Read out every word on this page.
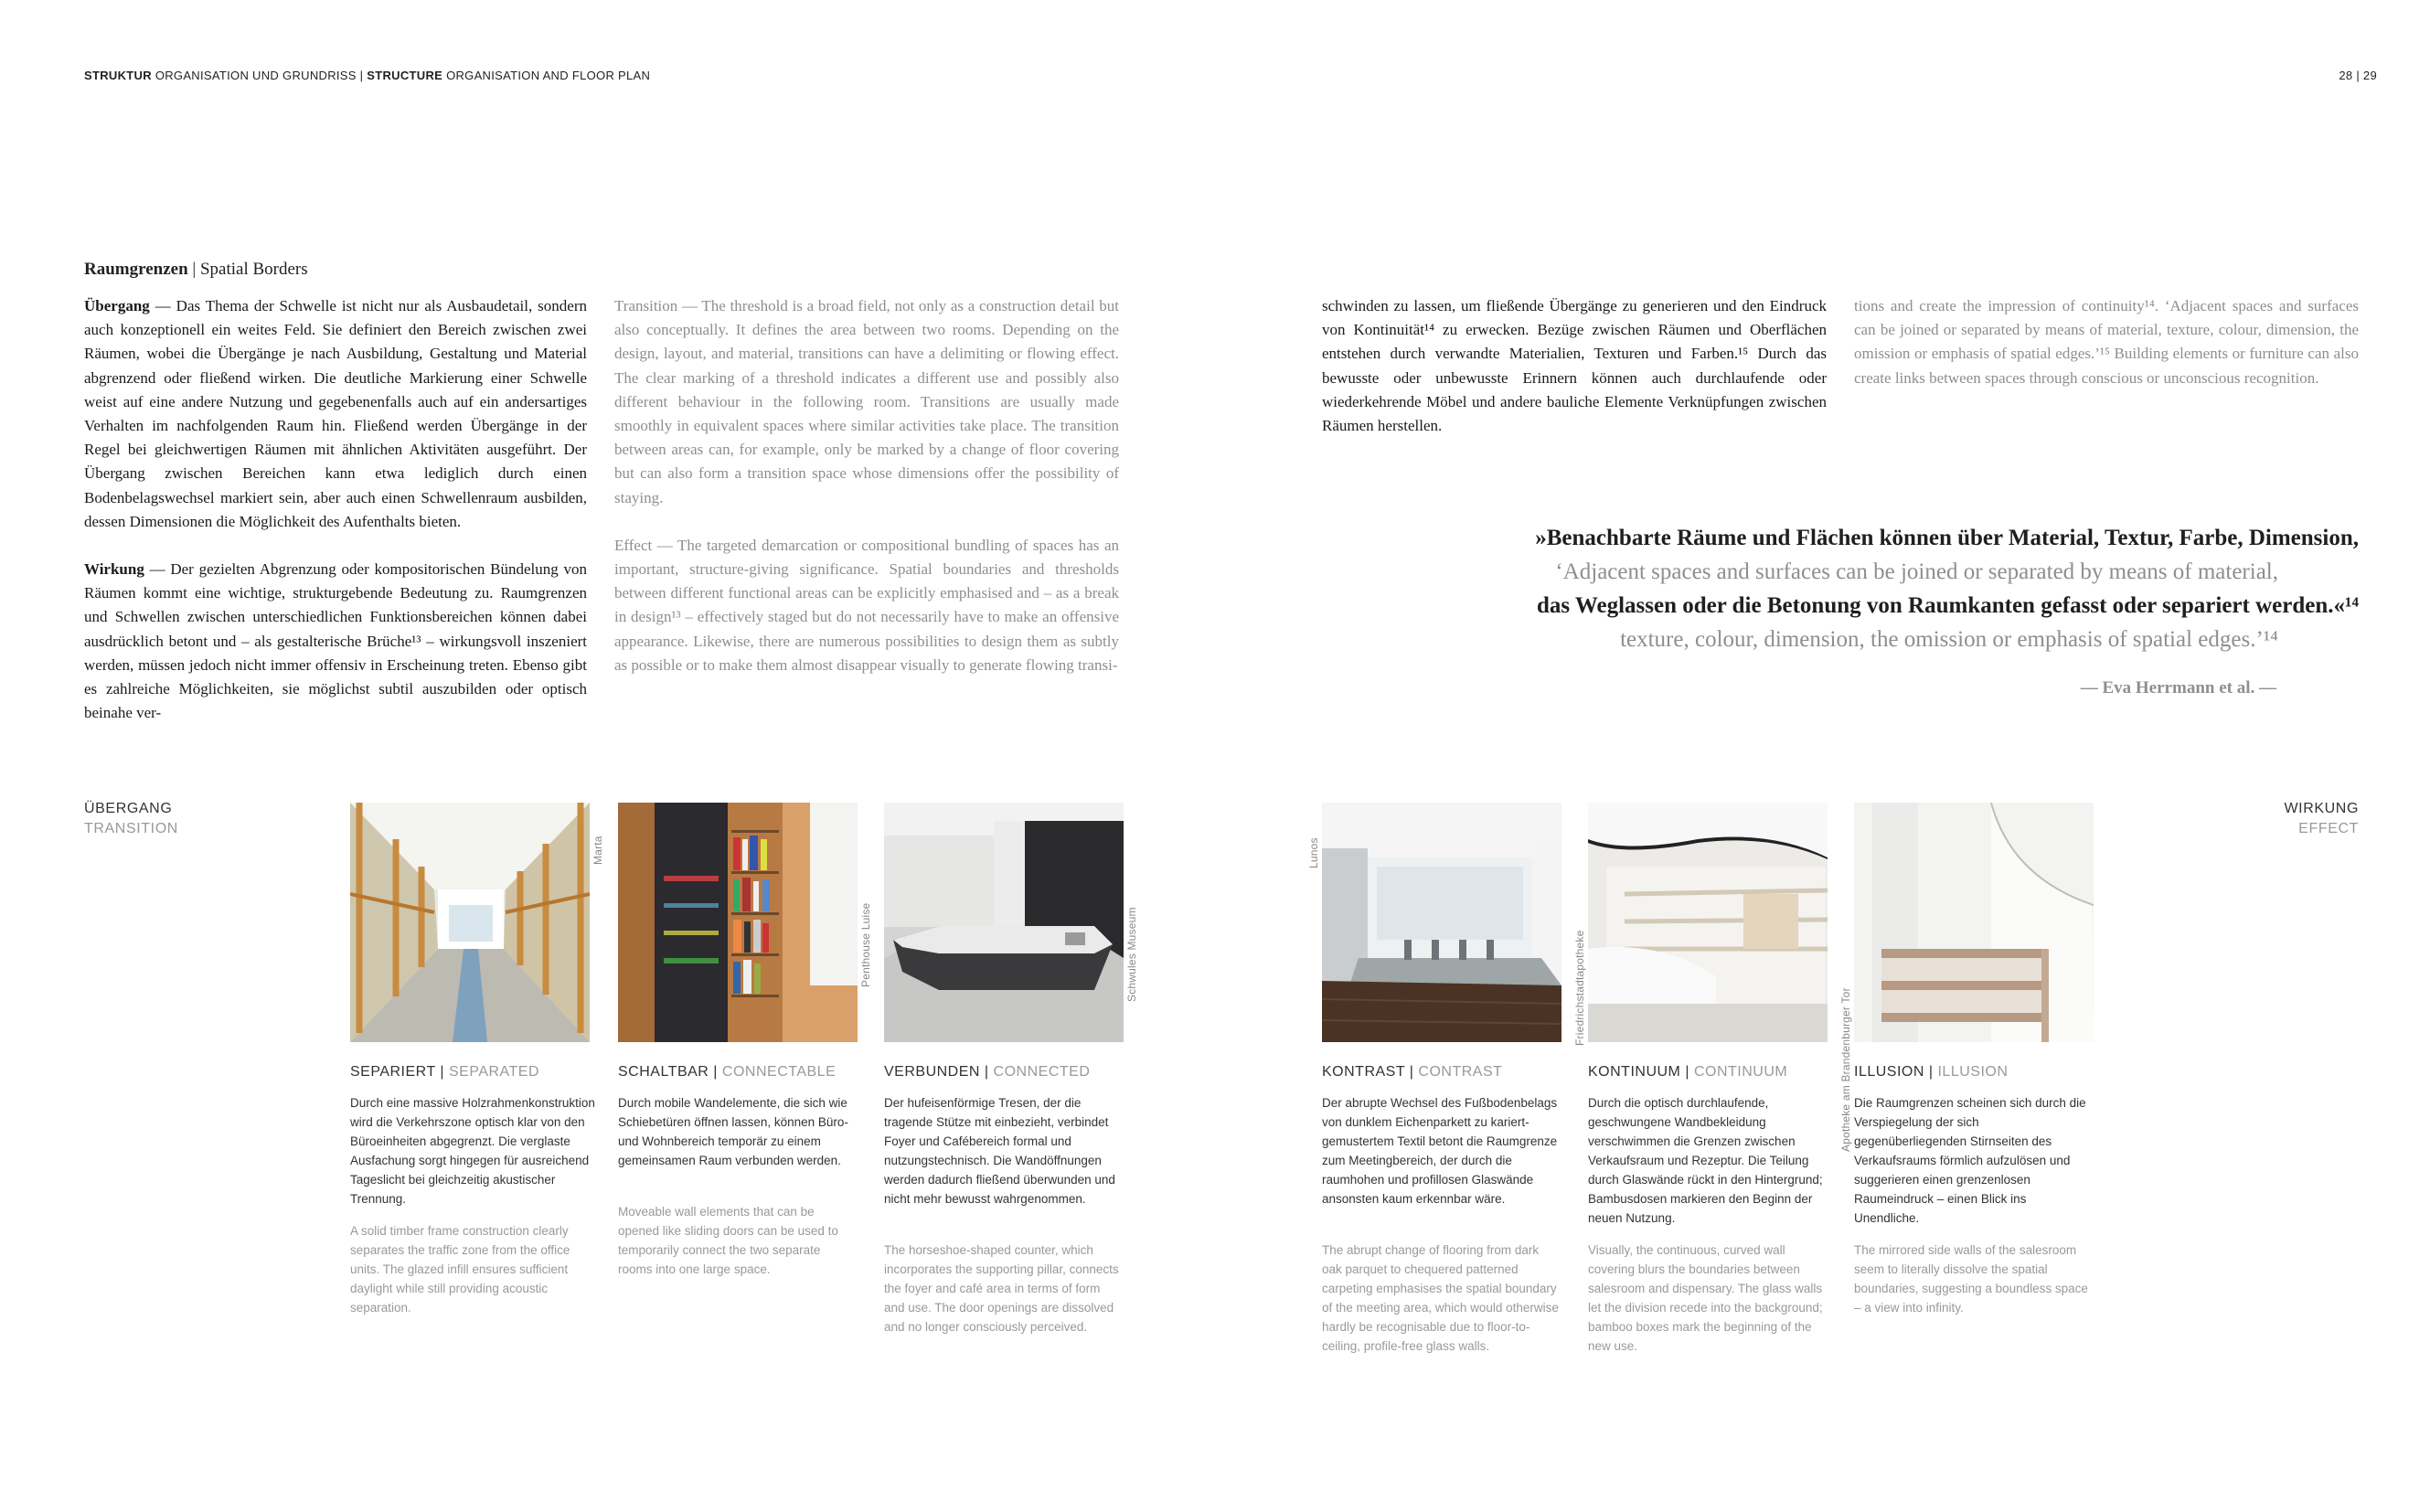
STRUKTUR ORGANISATION UND GRUNDRISS | STRUCTURE ORGANISATION AND FLOOR PLAN	28 | 29
Raumgrenzen | Spatial Borders

Übergang — Das Thema der Schwelle ist nicht nur als Ausbaudetail, sondern auch konzeptionell ein weites Feld. Sie definiert den Bereich zwischen zwei Räumen, wobei die Übergänge je nach Ausbildung, Gestaltung und Material abgrenzend oder fließend wirken. Die deutliche Markierung einer Schwelle weist auf eine andere Nutzung und gegebenenfalls auch auf ein andersartiges Verhalten im nachfolgenden Raum hin. Fließend werden Übergänge in der Regel bei gleichwertigen Räumen mit ähnlichen Aktivitäten ausgeführt. Der Übergang zwischen Bereichen kann etwa lediglich durch einen Bodenbelagswechsel markiert sein, aber auch einen Schwellenraum ausbilden, dessen Dimensionen die Möglichkeit des Aufenthalts bieten.

Wirkung — Der gezielten Abgrenzung oder kompositorischen Bündelung von Räumen kommt eine wichtige, strukturgebende Bedeutung zu. Raumgrenzen und Schwellen zwischen unterschiedlichen Funktionsbereichen können dabei ausdrücklich betont und – als gestalterische Brüche¹³ – wirkungsvoll inszeniert werden, müssen jedoch nicht immer offensiv in Erscheinung treten. Ebenso gibt es zahlreiche Möglichkeiten, sie möglichst subtil auszubilden oder optisch beinahe ver-

Transition — The threshold is a broad field, not only as a construction detail but also conceptually. It defines the area between two rooms. Depending on the design, layout, and material, transitions can have a delimiting or flowing effect. The clear marking of a threshold indicates a different use and possibly also different behaviour in the following room. Transitions are usually made smoothly in equivalent spaces where similar activities take place. The transition between areas can, for example, only be marked by a change of floor covering but can also form a transition space whose dimensions offer the possibility of staying.

Effect — The targeted demarcation or compositional bundling of spaces has an important, structure-giving significance. Spatial boundaries and thresholds between different functional areas can be explicitly emphasised and – as a break in design¹³ – effectively staged but do not necessarily have to make an offensive appearance. Likewise, there are numerous possibilities to design them as subtly as possible or to make them almost disappear visually to generate flowing transi-

schwinden zu lassen, um fließende Übergänge zu generieren und den Eindruck von Kontinuität¹⁴ zu erwecken. Bezüge zwischen Räumen und Oberflächen entstehen durch verwandte Materialien, Texturen und Farben.¹⁵ Durch das bewusste oder unbewusste Erinnern können auch durchlaufende oder wiederkehrende Möbel und andere bauliche Elemente Verknüpfungen zwischen Räumen herstellen.

tions and create the impression of continuity¹⁴. ‘Adjacent spaces and surfaces can be joined or separated by means of material, texture, colour, dimension, the omission or emphasis of spatial edges.’¹⁵ Building elements or furniture can also create links between spaces through conscious or unconscious recognition.

»Benachbarte Räume und Flächen können über Material, Textur, Farbe, Dimension,
‘Adjacent spaces and surfaces can be joined or separated by means of material,
das Weglassen oder die Betonung von Raumkanten gefasst oder separiert werden.«¹⁴
texture, colour, dimension, the omission or emphasis of spatial edges.’¹⁴
— Eva Herrmann et al. —
ÜBERGANG
TRANSITION
WIRKUNG
EFFECT
Marta
Penthouse Luise	Schwules Museum
Lunos
Friedrichstadtapotheke	Apotheke am Brandenburger Tor
SEPARIERT | SEPARATED
Durch eine massive Holzrahmenkonstruktion wird die Verkehrszone optisch klar von den Büroeinheiten abgegrenzt. Die verglaste Ausfachung sorgt hingegen für ausreichend Tageslicht bei gleichzeitig akustischer Trennung.
A solid timber frame construction clearly separates the traffic zone from the office units. The glazed infill ensures sufficient daylight while still providing acoustic separation.
SCHALTBAR | CONNECTABLE
Durch mobile Wandelemente, die sich wie Schiebetüren öffnen lassen, können Büro- und Wohnbereich temporär zu einem gemeinsamen Raum verbunden werden.
Moveable wall elements that can be opened like sliding doors can be used to temporarily connect the two separate rooms into one large space.
VERBUNDEN | CONNECTED
Der hufeisenförmige Tresen, der die tragende Stütze mit einbezieht, verbindet Foyer und Cafébereich formal und nutzungstechnisch. Die Wandöffnungen werden dadurch fließend überwunden und nicht mehr bewusst wahrgenommen.
The horseshoe-shaped counter, which incorporates the supporting pillar, connects the foyer and café area in terms of form and use. The door openings are dissolved and no longer consciously perceived.
KONTRAST | CONTRAST
Der abrupte Wechsel des Fußbodenbelags von dunklem Eichenparkett zu kariert-gemustertem Textil betont die Raumgrenze zum Meetingbereich, der durch die raumhohen und profillosen Glaswände ansonsten kaum erkennbar wäre.
The abrupt change of flooring from dark oak parquet to chequered patterned carpeting emphasises the spatial boundary of the meeting area, which would otherwise hardly be recognisable due to floor-to-ceiling, profile-free glass walls.
KONTINUUM | CONTINUUM
Durch die optisch durchlaufende, geschwungene Wandbekleidung verschwimmen die Grenzen zwischen Verkaufsraum und Rezeptur. Die Teilung durch Glaswände rückt in den Hintergrund; Bambusdosen markieren den Beginn der neuen Nutzung.
Visually, the continuous, curved wall covering blurs the boundaries between salesroom and dispensary. The glass walls let the division recede into the background; bamboo boxes mark the beginning of the new use.
ILLUSION | ILLUSION
Die Raumgrenzen scheinen sich durch die Verspiegelung der sich gegenüberliegenden Stirnseiten des Verkaufsraums förmlich aufzulösen und suggerieren einen grenzenlosen Raumeindruck – einen Blick ins Unendliche.
The mirrored side walls of the salesroom seem to literally dissolve the spatial boundaries, suggesting a boundless space – a view into infinity.
